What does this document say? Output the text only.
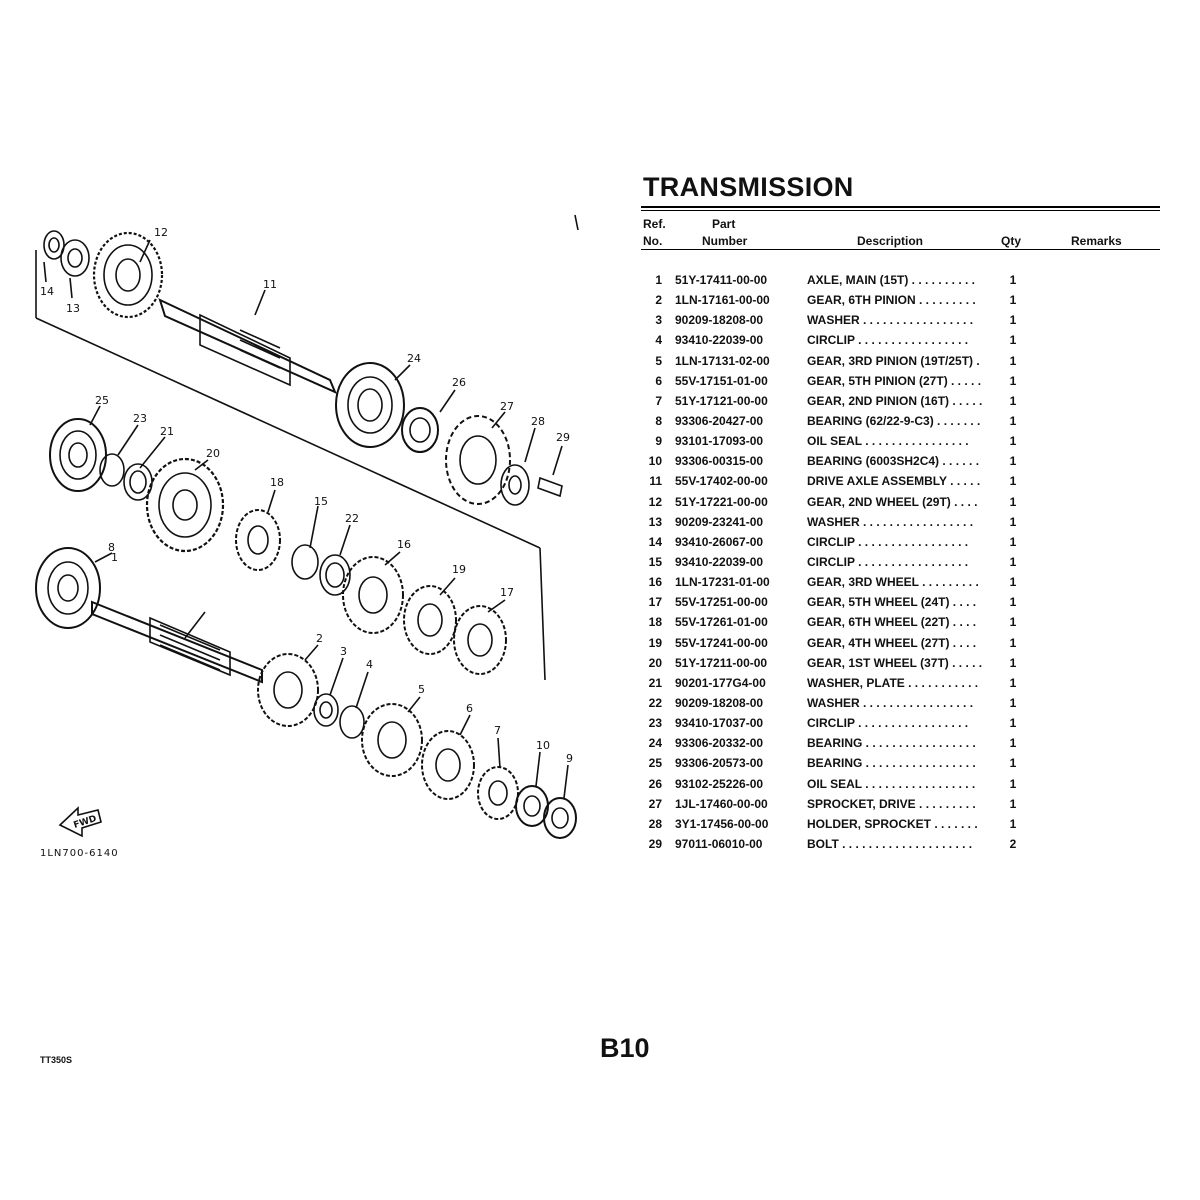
1
2
3
4
5
6
7
8
9
10
11
12
13
14
15
16
17
18
19
20
21
22
23
24
25
26
27
28
29
FWD
1LN700-6140
TRANSMISSION
Ref.
No.
Part
Number	Description	Qty	Remarks
1 51Y-17411-00-00	AXLE, MAIN (15T) . . . . . . . . . .	1
2 1LN-17161-00-00	GEAR, 6TH PINION . . . . . . . . .	1
3 90209-18208-00	WASHER . . . . . . . . . . . . . . . . .	1
4 93410-22039-00	CIRCLIP . . . . . . . . . . . . . . . . .	1
5 1LN-17131-02-00	GEAR, 3RD PINION (19T/25T) .	1
6 55V-17151-01-00	GEAR, 5TH PINION (27T) . . . . .	1
7 51Y-17121-00-00	GEAR, 2ND PINION (16T) . . . . .	1
8 93306-20427-00	BEARING (62/22-9-C3) . . . . . . .	1
9 93101-17093-00	OIL SEAL . . . . . . . . . . . . . . . .	1
10 93306-00315-00	BEARING (6003SH2C4) . . . . . .	1
11 55V-17402-00-00	DRIVE AXLE ASSEMBLY . . . . .	1
12 51Y-17221-00-00	GEAR, 2ND WHEEL (29T) . . . .	1
13 90209-23241-00	WASHER . . . . . . . . . . . . . . . . .	1
14 93410-26067-00	CIRCLIP . . . . . . . . . . . . . . . . .	1
15 93410-22039-00	CIRCLIP . . . . . . . . . . . . . . . . .	1
16 1LN-17231-01-00	GEAR, 3RD WHEEL . . . . . . . . .	1
17 55V-17251-00-00	GEAR, 5TH WHEEL (24T) . . . .	1
18 55V-17261-01-00	GEAR, 6TH WHEEL (22T) . . . .	1
19 55V-17241-00-00	GEAR, 4TH WHEEL (27T) . . . .	1
20 51Y-17211-00-00	GEAR, 1ST WHEEL (37T) . . . . .	1
21 90201-177G4-00	WASHER, PLATE . . . . . . . . . . .	1
22 90209-18208-00	WASHER . . . . . . . . . . . . . . . . .	1
23 93410-17037-00	CIRCLIP . . . . . . . . . . . . . . . . .	1
24 93306-20332-00	BEARING . . . . . . . . . . . . . . . . .	1
25 93306-20573-00	BEARING . . . . . . . . . . . . . . . . .	1
26 93102-25226-00	OIL SEAL . . . . . . . . . . . . . . . . .	1
27 1JL-17460-00-00	SPROCKET, DRIVE . . . . . . . . .	1
28 3Y1-17456-00-00	HOLDER, SPROCKET . . . . . . .	1
29 97011-06010-00	BOLT . . . . . . . . . . . . . . . . . . . .	2
B10
TT350S
